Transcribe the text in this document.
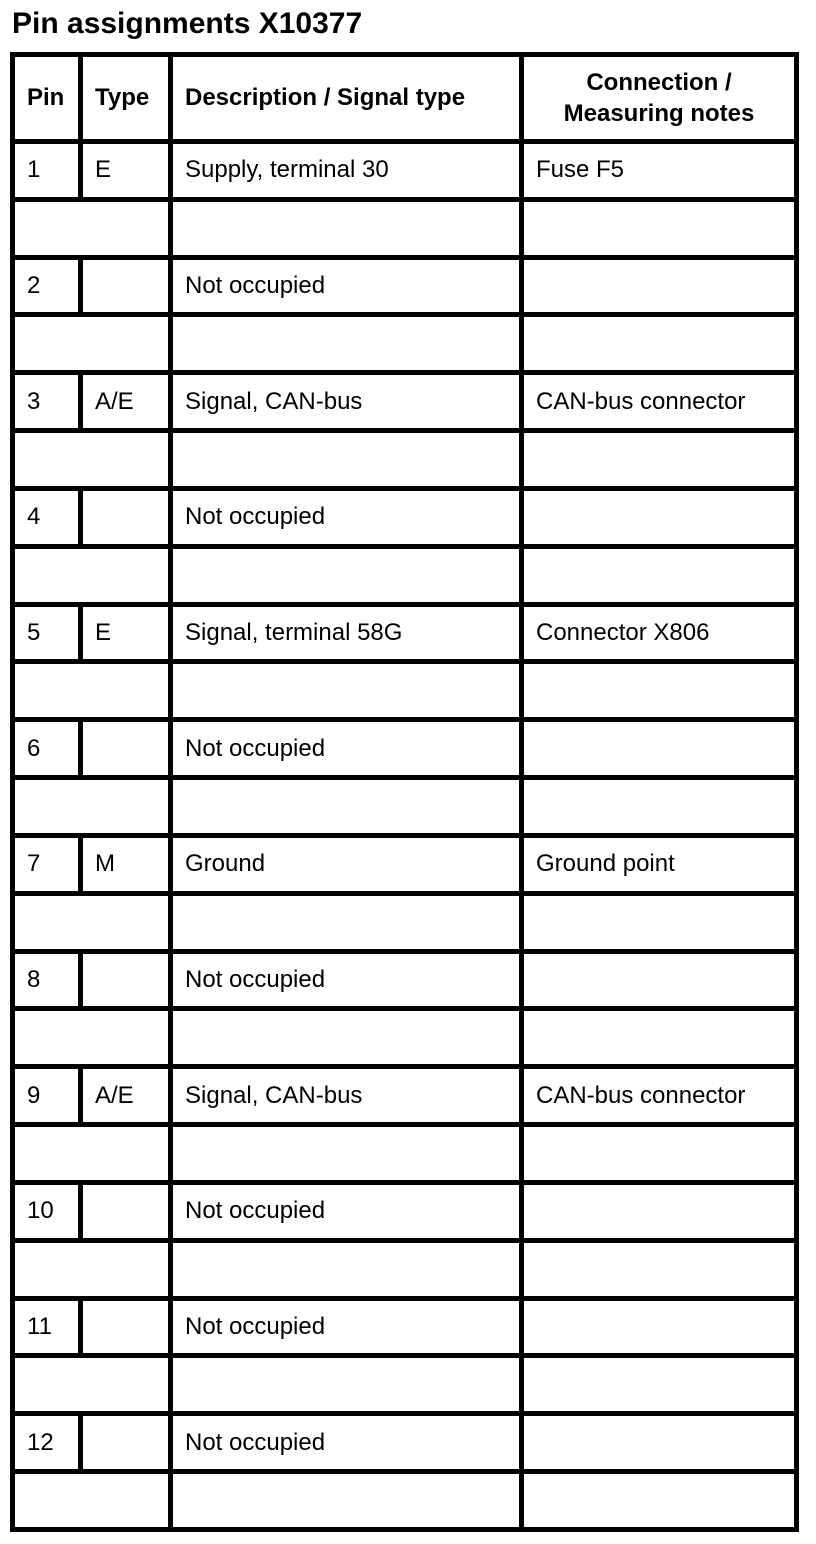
Pin assignments X10377
Pin	Type	Description / Signal type	Connection /
Measuring notes
1	E	Supply, terminal 30	Fuse F5

2		Not occupied	

3	A/E	Signal, CAN-bus	CAN-bus connector

4		Not occupied	

5	E	Signal, terminal 58G	Connector X806

6		Not occupied	

7	M	Ground	Ground point

8		Not occupied	

9	A/E	Signal, CAN-bus	CAN-bus connector

10		Not occupied	

11		Not occupied	

12		Not occupied	
